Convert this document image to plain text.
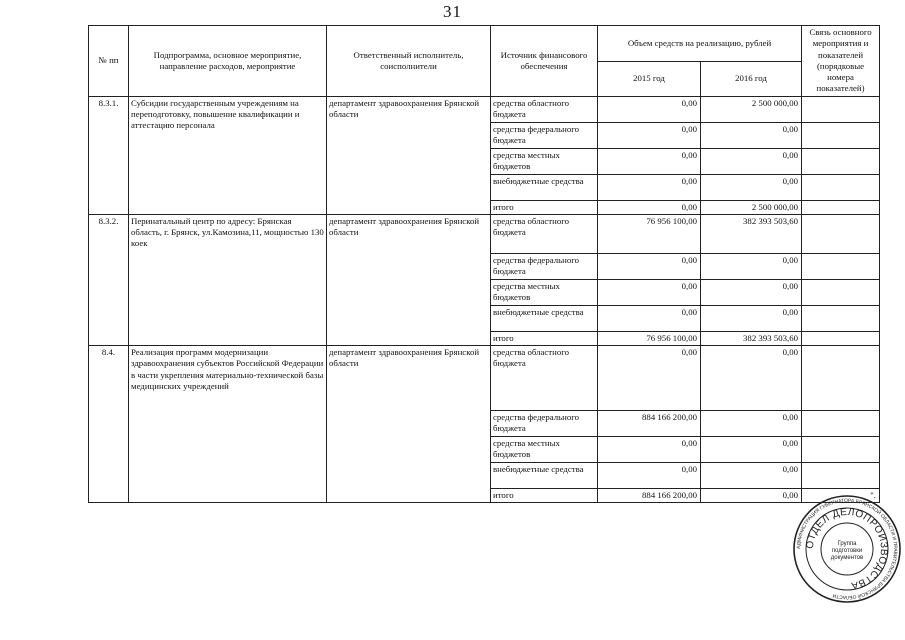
31
№ пп	Подпрограмма, основное мероприятие, направление расходов, мероприятие	Ответственный исполнитель, соисполнители	Источник финансового обеспечения	Объем средств на реализацию, рублей		Связь основного мероприятия и показателей (порядковые номера показателей)
				2015 год	2016 год	
8.3.1.	Субсидии государственным учреждениям на переподготовку, повышение квалификации и аттестацию персонала	департамент здравоохранения Брянской области	средства областного бюджета	0,00	2 500 000,00	
			средства федерального бюджета	0,00	0,00	
			средства местных бюджетов	0,00	0,00	
			внебюджетные средства	0,00	0,00	
			итого	0,00	2 500 000,00	
8.3.2.	Перинатальный центр по адресу: Брянская область, г. Брянск, ул.Камозина,11, мощностью 130 коек	департамент здравоохранения Брянской области	средства областного бюджета	76 956 100,00	382 393 503,60	
			средства федерального бюджета	0,00	0,00	
			средства местных бюджетов	0,00	0,00	
			внебюджетные средства	0,00	0,00	
			итого	76 956 100,00	382 393 503,60	
8.4.	Реализация программ модернизации здравоохранения субъектов Российской Федерации в части укрепления материально-технической базы медицинских учреждений	департамент здравоохранения Брянской области	средства областного бюджета	0,00	0,00	
			средства федерального бюджета	884 166 200,00	0,00	
			средства местных бюджетов	0,00	0,00	
			внебюджетные средства	0,00	0,00	
			итого	884 166 200,00	0,00	".
АДМИНИСТРАЦИЯ ГУБЕРНАТОРА БРЯНСКОЙ ОБЛАСТИ И ПРАВИТЕЛЬСТВА БРЯНСКОЙ ОБЛАСТИ
ОТДЕЛ ДЕЛОПРОИЗВОДСТВА
Группа
подготовки
документов
